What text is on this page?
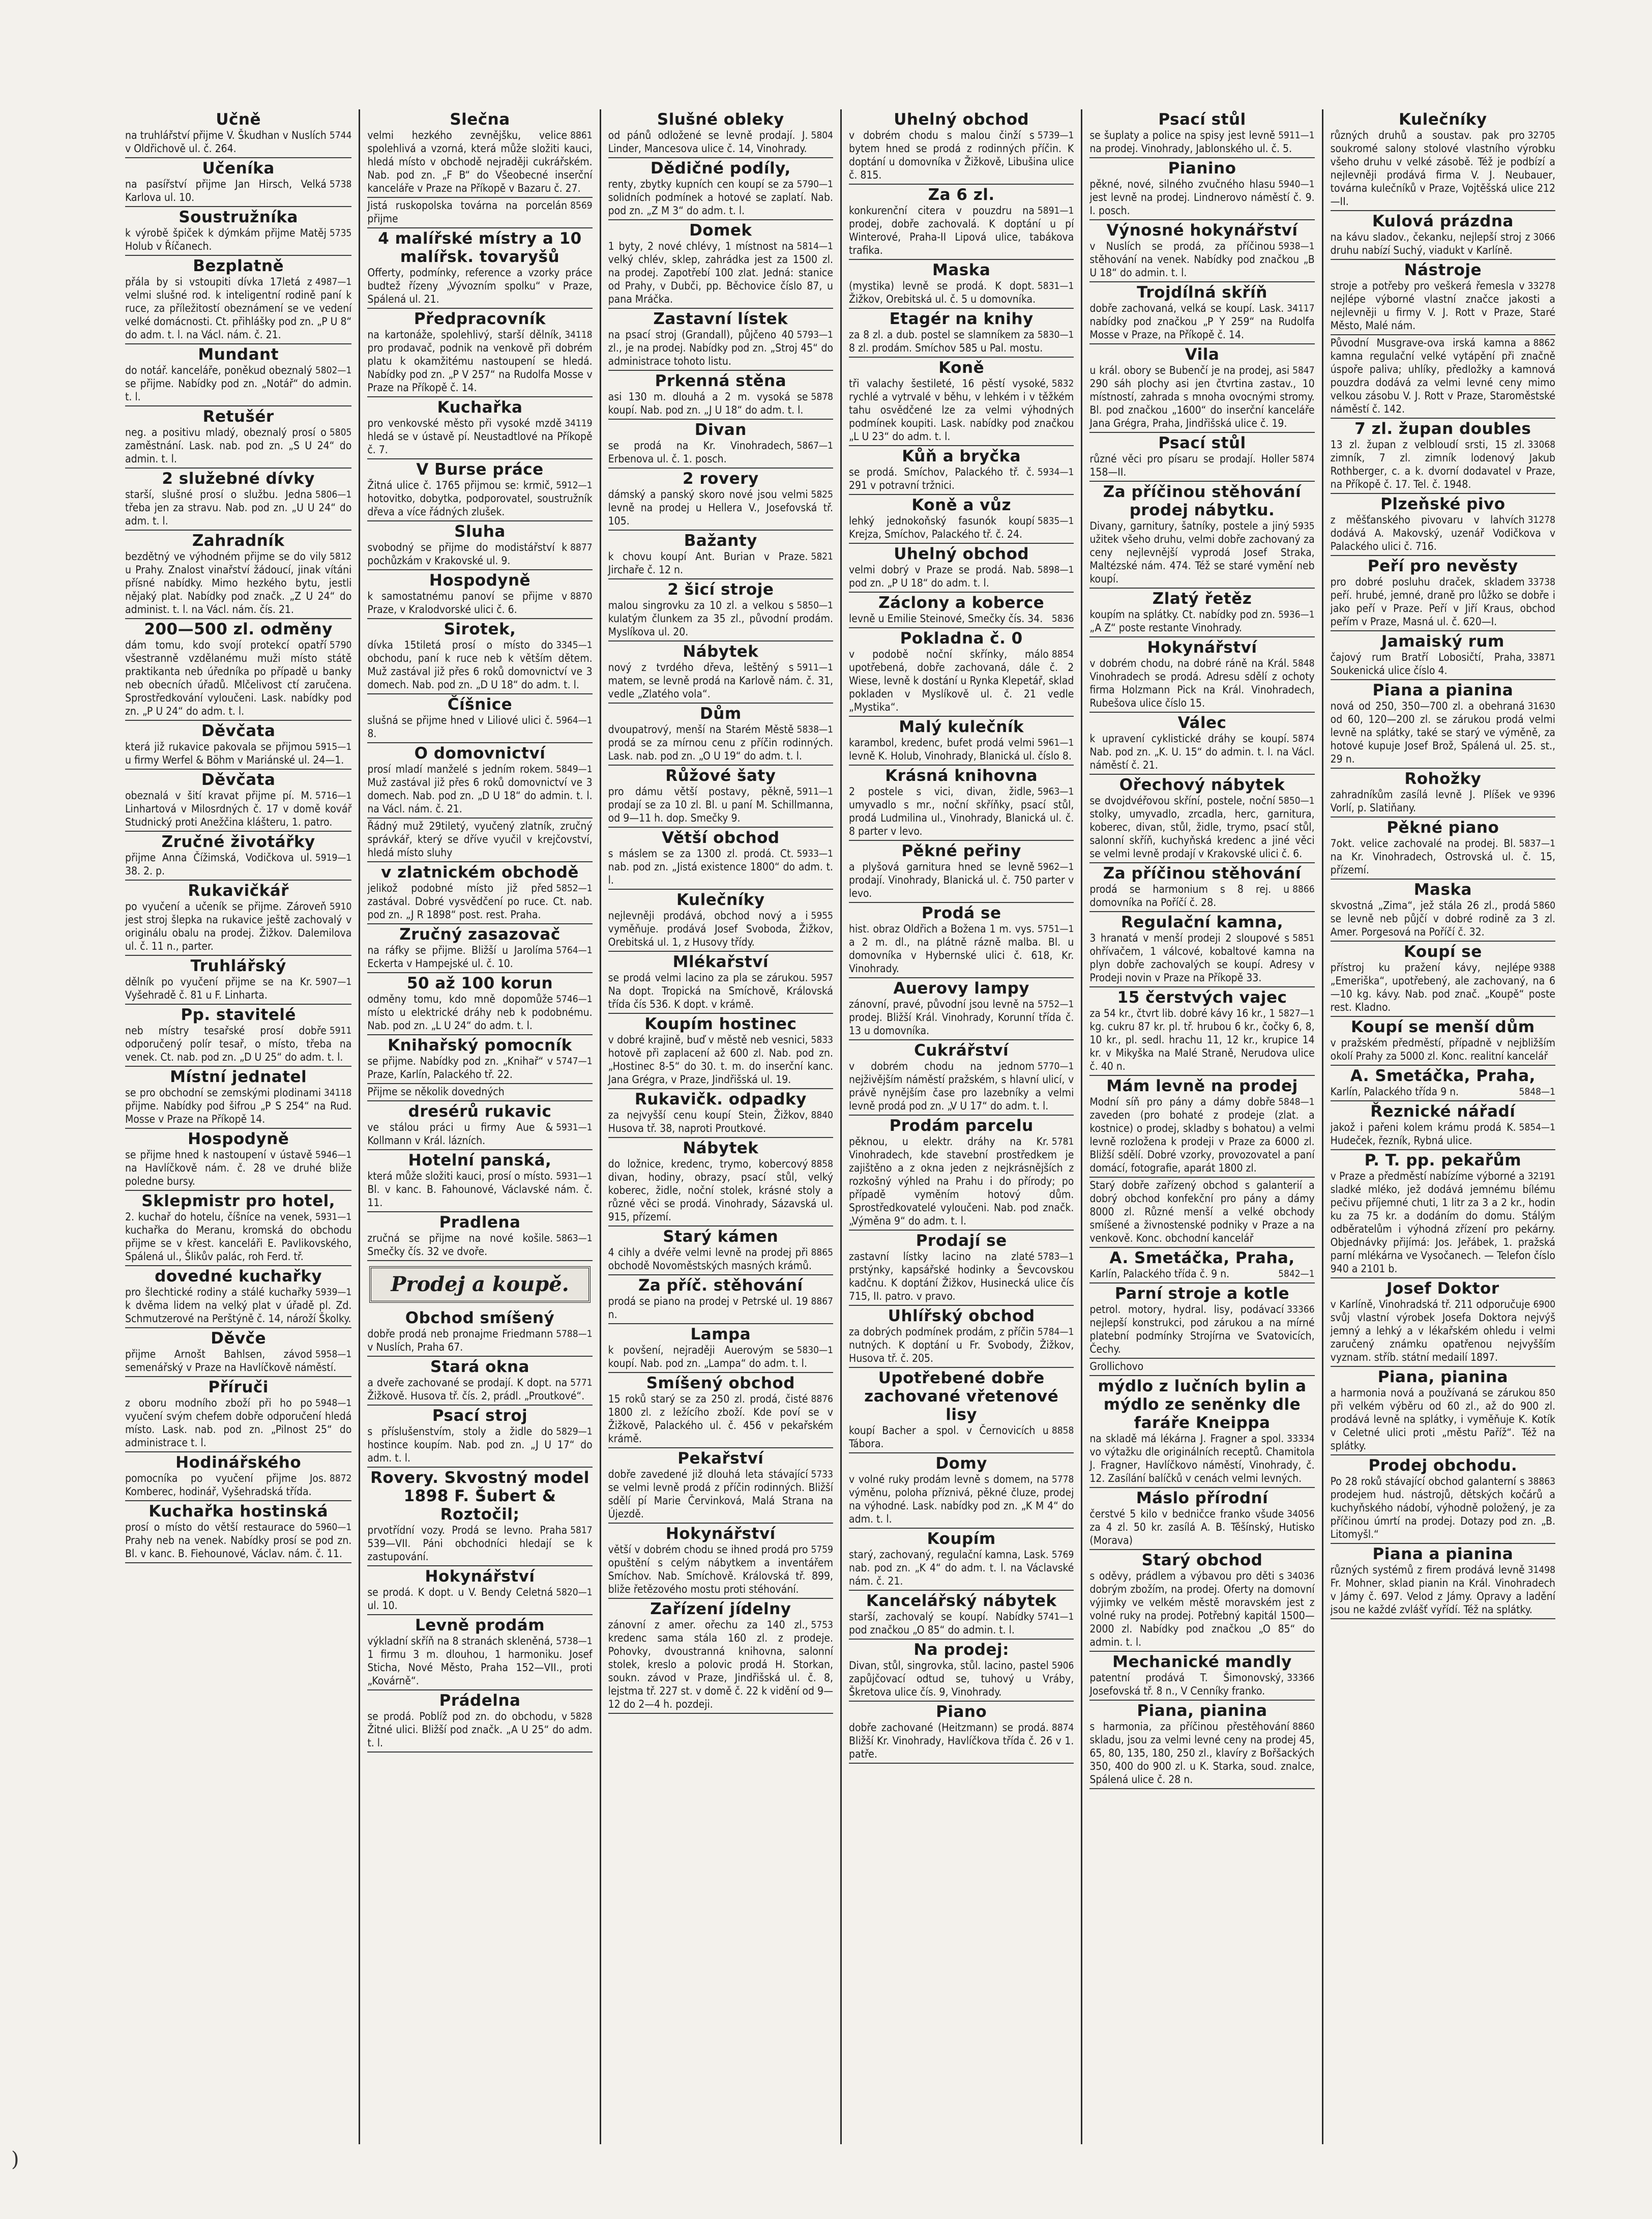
Učně

5744
na truhlářství přijme V. Škudhan v Nuslích v Oldřichově ul. č. 264.

Učeníka

5738
na pasířství přijme Jan Hirsch, Velká Karlova ul. 10.

Soustružníka

5735
k výrobě špiček k dýmkám přijme Matěj Holub v Říčanech.

Bezplatně

4987—1
přála by si vstoupiti dívka 17letá z velmi slušné rod. k inteligentní rodině paní k ruce, za příležitostí obeznámení se ve vedení velké domácnosti. Ct. přihlášky pod zn. „P U 8“ do adm. t. l. na Václ. nám. č. 21.

Mundant

5802—1
do notář. kanceláře, poněkud obeznalý se přijme. Nabídky pod zn. „Notář“ do admin. t. l.

Retušér

5805
neg. a positivu mladý, obeznalý prosí o zaměstnání. Lask. nab. pod zn. „S U 24“ do admin. t. l.

2 služebné dívky

5806—1
starší, slušné prosí o službu. Jedna třeba jen za stravu. Nab. pod zn. „U U 24“ do adm. t. l.

Zahradník

5812
bezdětný ve výhodném přijme se do vily u Prahy. Znalost vinařství žádoucí, jinak vítáni přísné nabídky. Mimo hezkého bytu, jestli nějaký plat. Nabídky pod značk. „Z U 24“ do administ. t. l. na Václ. nám. čís. 21.

200—500 zl. odměny

5790
dám tomu, kdo svojí protekcí opatří všestranně vzdělanému muži místo státě praktikanta neb úředníka po případě u banky neb obecních úřadů. Mlčelivost ctí zaručena. Sprostředkování vyloučeni. Lask. nabídky pod zn. „P U 24“ do adm. t. l.

Děvčata

5915—1
která již rukavice pakovala se přijmou u firmy Werfel & Böhm v Mariánské ul. 24—1.

Děvčata

5716—1
obeznalá v šití kravat přijme pí. M. Linhartová v Milosrdných č. 17 v domě kovář Studnický proti Anežčina klášteru, 1. patro.

Zručné životářky

5919—1
přijme Anna Čížimská, Vodičkova ul. 38. 2. p.

Rukavičkář

5910
po vyučení a učeník se přijme. Zároveň jest stroj šlepka na rukavice ještě zachovalý v originálu obalu na prodej. Žižkov. Dalemilova ul. č. 11 n., parter.

Truhlářský

5907—1
dělník po vyučení přijme se na Kr. Vyšehradě č. 81 u F. Linharta.

Pp. stavitelé

5911
neb místry tesařské prosí dobře odporučený polír tesař, o místo, třeba na venek. Ct. nab. pod zn. „D U 25“ do adm. t. l.

Místní jednatel

34118
se pro obchodní se zemskými plodinami přijme. Nabídky pod šifrou „P S 254“ na Rud. Mosse v Praze na Příkopě 14.

Hospodyně

5946—1
se přijme hned k nastoupení v ústavě na Havlíčkově nám. č. 28 ve druhé bliže poledne bursy.

Sklepmistr pro hotel,

5931—1
2. kuchař do hotelu, číšníce na venek, kuchařka do Meranu, kromská do obchodu přijme se v křest. kanceláři E. Pavlikovského, Spálená ul., Šlikův palác, roh Ferd. tř.

dovedné kuchařky

5939—1
pro šlechtické rodiny a stálé kuchařky k dvěma lidem na velký plat v úřadě pl. Zd. Schmutzerové na Perštýně č. 14, nároží Školky.

Děvče

5958—1
přijme Arnošt Bahlsen, závod semenářský v Praze na Havlíčkově náměstí.

Příruči

5948—1
z oboru modního zboží při ho po vyučení svým chefem dobře odporučení hledá místo. Lask. nab. pod zn. „Pilnost 25“ do administrace t. l.

Hodinářského

8872
pomocníka po vyučení přijme Jos. Komberec, hodinář, Vyšehradská třída.

Kuchařka hostinská

5960—1
prosí o místo do větší restaurace do Prahy neb na venek. Nabídky prosí se pod zn. Bl. v kanc. B. Fiehounové, Václav. nám. č. 11.

Slečna

8861
velmi hezkého zevnějšku, velice spolehlivá a vzorná, která může složiti kauci, hledá místo v obchodě nejraději cukrářském. Nab. pod zn. „F B“ do Všeobecné inserční kanceláře v Praze na Příkopě v Bazaru č. 27.

8569
Jistá ruskopolska továrna na porcelán přijme

4 malířské místry a 10 malířsk. tovaryšů

Offerty, podmínky, reference a vzorky práce budtež řízeny „Vývozním spolku“ v Praze, Spálená ul. 21.

Předpracovník

34118
na kartonáže, spolehlivý, starší dělník, pro prodavač, podnik na venkově při dobrém platu k okamžitému nastoupení se hledá. Nabídky pod zn. „P V 257“ na Rudolfa Mosse v Praze na Příkopě č. 14.

Kuchařka

34119
pro venkovské město při vysoké mzdě hledá se v ústavě pí. Neustadtlové na Příkopě č. 7.

V Burse práce

5912—1
Žitná ulice č. 1765 přijmou se: krmič, hotovitko, dobytka, podporovatel, soustružník dřeva a více řádných zlušek.

Sluha

8877
svobodný se přijme do modistářství k pochůzkám v Krakovské ul. 9.

Hospodyně

8870
k samostatnému panoví se přijme v Praze, v Kralodvorské ulici č. 6.

Sirotek,

3345—1
dívka 15tiletá prosí o místo do obchodu, paní k ruce neb k větším dětem. Muž zastával již přes 6 roků domovnictví ve 3 domech. Nab. pod zn. „D U 18“ do adm. t. l.

Číšnice

5964—1
slušná se přijme hned v Liliové ulici č. 8.

O domovnictví

5849—1
prosí mladí manželé s jedním rokem. Muž zastával již přes 6 roků domovnictví ve 3 domech. Nab. pod zn. „D U 18“ do admin. t. l. na Václ. nám. č. 21.

Řádný muž 29tiletý, vyučený zlatník, zručný správkář, který se dříve vyučil v krejčovství, hledá místo sluhy

v zlatnickém obchodě

5852—1
jelikož podobné místo již před zastával. Dobré vysvědčení po ruce. Ct. nab. pod zn. „J R 1898“ post. rest. Praha.

Zručný zasazovač

5764—1
na ráfky se přijme. Bližší u Jarolíma Eckerta v Hampejské ul. č. 10.

50 až 100 korun

5746—1
odměny tomu, kdo mně dopomůže místo u elektrické dráhy neb k podobnému. Nab. pod zn. „L U 24“ do adm. t. l.

Knihařský pomocník

5747—1
se přijme. Nabídky pod zn. „Knihař“ v Praze, Karlín, Palackého tř. 22.

Přijme se několik dovedných

dresérů rukavic

5931—1
ve stálou práci u firmy Aue & Kollmann v Král. lázních.

Hotelní panská,

5931—1
která může složiti kauci, prosí o místo. Bl. v kanc. B. Fahounové, Václavské nám. č. 11.

Pradlena

5863—1
zručná se přijme na nové košile. Smečky čís. 32 ve dvoře.

Prodej a koupě.
Obchod smíšený

5788—1
dobře prodá neb pronajme Friedmann v Nuslích, Praha 67.

Stará okna

5771
a dveře zachované se prodají. K dopt. na Žižkově. Husova tř. čís. 2, prádl. „Proutkové“.

Psací stroj

5829—1
s příslušenstvím, stoly a židle do hostince koupím. Nab. pod zn. „J U 17“ do adm. t. l.

Rovery. Skvostný model 1898 F. Šubert & Roztočil;

5817
prvotřídní vozy. Prodá se levno. Praha 539—VII. Páni obchodníci hledají se k zastupování.

Hokynářství

5820—1
se prodá. K dopt. u V. Bendy Celetná ul. 10.

Levně prodám

5738—1
výkladní skříň na 8 stranách skleněná, 1 firmu 3 m. dlouhou, 1 harmoniku. Josef Sticha, Nové Město, Praha 152—VII., proti „Kovárně“.

Prádelna

5828
se prodá. Poblíž pod zn. do obchodu, v Žitné ulici. Bližší pod značk. „A U 25“ do adm. t. l.

Slušné obleky

5804
od pánů odložené se levně prodají. J. Linder, Mancesova ulice č. 14, Vinohrady.

Dědičné podíly,

5790—1
renty, zbytky kupních cen koupí se za solidních podmínek a hotové se zaplatí. Nab. pod zn. „Z M 3“ do adm. t. l.

Domek

5814—1
1 byty, 2 nové chlévy, 1 místnost na velký chlév, sklep, zahrádka jest za 1500 zl. na prodej. Zapotřebí 100 zlat. Jedná: stanice od Prahy, v Dubči, pp. Běchovice číslo 87, u pana Mráčka.

Zastavní lístek

5793—1
na psací stroj (Grandall), půjčeno 40 zl., je na prodej. Nabídky pod zn. „Stroj 45“ do administrace tohoto listu.

Prkenná stěna

5878
asi 130 m. dlouhá a 2 m. vysoká se koupí. Nab. pod zn. „J U 18“ do adm. t. l.

Divan

5867—1
se prodá na Kr. Vinohradech, Erbenova ul. č. 1. posch.

2 rovery

5825
dámský a panský skoro nové jsou velmi levně na prodej u Hellera V., Josefovská tř. 105.

Bažanty

5821
k chovu koupí Ant. Burian v Praze. Jirchaře č. 12 n.

2 šicí stroje

5850—1
malou singrovku za 10 zl. a velkou s kulatým člunkem za 35 zl., původní prodám. Myslíkova ul. 20.

Nábytek

5911—1
nový z tvrdého dřeva, leštěný s matem, se levně prodá na Karlově nám. č. 31, vedle „Zlatého vola“.

Dům

5838—1
dvoupatrový, menší na Starém Městě prodá se za mírnou cenu z příčin rodinných. Lask. nab. pod zn. „O U 19“ do adm. t. l.

Růžové šaty

5911—1
pro dámu větší postavy, pěkně, prodají se za 10 zl. Bl. u paní M. Schillmanna, od 9—11 h. dop. Smečky 9.

Větší obchod

5933—1
s máslem se za 1300 zl. prodá. Ct. nab. pod zn. „Jistá existence 1800“ do adm. t. l.

Kulečníky

5955
nejlevněji prodává, obchod nový a i vyměňuje. prodává Josef Svoboda, Žižkov, Orebitská ul. 1, z Husovy třídy.

Mlékařství

5957
se prodá velmi lacino za pla se zárukou. Na dopt. Tropická na Smíchově, Královská třída čís 536. K dopt. v krámě.

Koupím hostinec

5833
v dobré krajině, buď v městě neb vesnici, hotově při zaplacení až 600 zl. Nab. pod zn. „Hostinec 8-5“ do 30. t. m. do inserční kanc. Jana Grégra, v Praze, Jindřišská ul. 19.

Rukavičk. odpadky

8840
za nejvyšší cenu koupí Stein, Žižkov, Husova tř. 38, naproti Proutkové.

Nábytek

8858
do ložnice, kredenc, trymo, kobercový divan, hodiny, obrazy, psací stůl, velký koberec, židle, noční stolek, krásné stoly a různé věci se prodá. Vinohrady, Sázavská ul. 915, přízemí.

Starý kámen

8865
4 cihly a dvéře velmi levně na prodej při obchodě Novoměstských masných krámů.

Za příč. stěhování

8867
prodá se piano na prodej v Petrské ul. 19 n.

Lampa

5830—1
k povšení, nejraději Auerovým se koupí. Nab. pod zn. „Lampa“ do adm. t. l.

Smíšený obchod

8876
15 roků starý se za 250 zl. prodá, čisté 1800 zl. z ležícího zboží. Kde poví se v Žižkově, Palackého ul. č. 456 v pekařském krámě.

Pekařství

5733
dobře zavedené již dlouhá leta stávající se velmi levně prodá z příčin rodinných. Bližší sdělí pí Marie Červinková, Malá Strana na Újezdě.

Hokynářství

5759
větší v dobrém chodu se ihned prodá pro opuštění s celým nábytkem a inventářem Smíchov. Nab. Smíchově. Královská tř. 899, bliže řetězového mostu proti stéhování.

Zařízení jídelny

5753
zánovní z amer. ořechu za 140 zl., kredenc sama stála 160 zl. z prodeje. Pohovky, dvoustranná knihovna, salonní stolek, kreslo a polovic prodá H. Storkan, soukn. závod v Praze, Jindřišská ul. č. 8, lejstma tř. 227 st. v domě č. 22 k vidění od 9—12 do 2—4 h. pozdeji.

Uhelný obchod

5739—1
v dobrém chodu s malou činží s bytem hned se prodá z rodinných příčin. K doptání u domovníka v Žižkově, Libušina ulice č. 815.

Za 6 zl.

5891—1
konkurenční citera v pouzdru na prodej, dobře zachovalá. K doptání u pí Winterové, Praha-II Lipová ulice, tabákova trafika.

Maska

5831—1
(mystika) levně se prodá. K dopt. Žižkov, Orebitská ul. č. 5 u domovníka.

Etagér na knihy

5830—1
za 8 zl. a dub. postel se slamníkem za 8 zl. prodám. Smíchov 585 u Pal. mostu.

Koně

5832
tři valachy šestileté, 16 pěstí vysoké, rychlé a vytrvalé v běhu, v lehkém i v těžkém tahu osvědčené lze za velmi výhodných podmínek koupiti. Lask. nabídky pod značkou „L U 23“ do adm. t. l.

Kůň a bryčka

5934—1
se prodá. Smíchov, Palackého tř. č. 291 v potravní tržnici.

Koně a vůz

5835—1
lehký jednokoňský fasunók koupí Krejza, Smíchov, Palackého tř. č. 24.

Uhelný obchod

5898—1
velmi dobrý v Praze se prodá. Nab. pod zn. „P U 18“ do adm. t. l.

Záclony a koberce

5836
levně u Emilie Steinové, Smečky čís. 34.

Pokladna č. 0

8854
v podobě noční skřínky, málo upotřebená, dobře zachovaná, dále č. 2 Wiese, levně k dostání u Rynka Klepetář, sklad pokladen v Myslíkově ul. č. 21 vedle „Mystika“.

Malý kulečník

5961—1
karambol, kredenc, bufet prodá velmi levně K. Holub, Vinohrady, Blanická ul. číslo 8.

Krásná knihovna

5963—1
2 postele s vici, divan, židle, umyvadlo s mr., noční skříňky, psací stůl, prodá Ludmilina ul., Vinohrady, Blanická ul. č. 8 parter v levo.

Pěkné peřiny

5962—1
a plyšová garnitura hned se levně prodají. Vinohrady, Blanická ul. č. 750 parter v levo.

Prodá se

5751—1
hist. obraz Oldřich a Božena 1 m. vys. a 2 m. dl., na plátně rázně malba. Bl. u domovníka v Hybernské ulici č. 618, Kr. Vinohrady.

Auerovy lampy

5752—1
zánovní, pravé, původní jsou levně na prodej. Bližší Král. Vinohrady, Korunní třída č. 13 u domovníka.

Cukrářství

5770—1
v dobrém chodu na jednom nejživějším náměstí pražském, s hlavní ulicí, v právě nynějším čase pro lazebníky a velmi levně prodá pod zn. „V U 17“ do adm. t. l.

Prodám parcelu

5781
pěknou, u elektr. dráhy na Kr. Vinohradech, kde stavební prostředkem je zajištěno a z okna jeden z nejkrásnějších z rozkošný výhled na Prahu i do přírody; po případě vyměním hotový dům. Sprostředkovatelé vyloučeni. Nab. pod značk. „Výměna 9“ do adm. t. l.

Prodají se

5783—1
zastavní lístky lacino na zlaté prstýnky, kapsářské hodinky a Ševcovskou kadčnu. K doptání Žižkov, Husinecká ulice čís 715, II. patro. v pravo.

Uhlířský obchod

5784—1
za dobrých podmínek prodám, z příčin nutných. K doptání u Fr. Svobody, Žižkov, Husova tř. č. 205.

Upotřebené dobře zachované vřetenové lisy

8858
koupí Bacher a spol. v Černovicích u Tábora.

Domy

5778
v volné ruky prodám levně s domem, na výměnu, poloha příznivá, pěkné čluze, prodej na výhodné. Lask. nabídky pod zn. „K M 4“ do adm. t. l.

Koupím

5769
starý, zachovaný, regulační kamna, Lask. nab. pod zn. „K 4“ do adm. t. l. na Václavské nám. č. 21.

Kancelářský nábytek

5741—1
starší, zachovalý se koupí. Nabídky pod značkou „O 85“ do admin. t. l.

Na prodej:

5906
Divan, stůl, singrovka, stůl. lacino, pastel zapůjčovací odtud se, tuhový u Vráby, Škretova ulice čís. 9, Vinohrady.

Piano

8874
dobře zachované (Heitzmann) se prodá. Bližší Kr. Vinohrady, Havlíčkova třída č. 26 v 1. patře.

Psací stůl

5911—1
se šuplaty a police na spisy jest levně na prodej. Vinohrady, Jablonského ul. č. 5.

Pianino

5940—1
pěkné, nové, silného zvučného hlasu jest levně na prodej. Lindnerovo náměstí č. 9. I. posch.

Výnosné hokynářství

5938—1
v Nuslích se prodá, za příčinou stěhování na venek. Nabídky pod značkou „B U 18“ do admin. t. l.

Trojdílná skříň

34117
dobře zachovaná, velká se koupí. Lask. nabídky pod značkou „P Y 259“ na Rudolfa Mosse v Praze, na Příkopě č. 14.

Vila

5847
u král. obory se Bubenčí je na prodej, asi 290 sáh plochy asi jen čtvrtina zastav., 10 místností, zahrada s mnoha ovocnými stromy. Bl. pod značkou „1600“ do inserční kanceláře Jana Grégra, Praha, Jindřišská ulice č. 19.

Psací stůl

5874
různé věci pro písaru se prodají. Holler 158—II.

Za příčinou stěhování prodej nábytku.

5935
Divany, garnitury, šatníky, postele a jiný užitek všeho druhu, velmi dobře zachovaný za ceny nejlevnější vyprodá Josef Straka, Maltézské nám. 474. Též se staré vymění neb koupí.

Zlatý řetěz

5936—1
koupím na splátky. Ct. nabídky pod zn. „A Z“ poste restante Vinohrady.

Hokynářství

5848
v dobrém chodu, na dobré ráně na Král. Vinohradech se prodá. Adresu sdělí z ochoty firma Holzmann Pick na Král. Vinohradech, Rubešova ulice číslo 15.

Válec

5874
k upravení cyklistické dráhy se koupí. Nab. pod zn. „K. U. 15“ do admin. t. l. na Václ. náměstí č. 21.

Ořechový nábytek

5850—1
se dvojdvéřovou skříní, postele, noční stolky, umyvadlo, zrcadla, herc, garnitura, koberec, divan, stůl, židle, trymo, psací stůl, salonní skříň, kuchyňská kredenc a jiné věci se velmi levně prodají v Krakovské ulici č. 6.

Za příčinou stěhování

8866
prodá se harmonium s 8 rej. u domovníka na Poříčí č. 28.

Regulační kamna,

5851
3 hranatá v menší prodeji 2 sloupové s ohřívačem, 1 válcové, kobaltové kamna na plyn dobře zachovalých se koupí. Adresy v Prodeji novin v Praze na Příkopě 33.

15 čerstvých vajec

5827—1
za 54 kr., čtvrt lib. dobré kávy 16 kr., 1 kg. cukru 87 kr. pl. tř. hrubou 6 kr., čočky 6, 8, 10 kr., pl. sedl. hrachu 11, 12 kr., krupice 14 kr. v Mikyška na Malé Straně, Nerudova ulice č. 40 n.

Mám levně na prodej

5848—1
Modní síň pro pány a dámy dobře zaveden (pro bohaté z prodeje (zlat. a kostnice) o prodej, skladby s bohatou) a velmi levně rozložena k prodeji v Praze za 6000 zl. Bližší sdělí. Dobré vzorky, provozovatel a paní domácí, fotografie, aparát 1800 zl.

Starý dobře zařízený obchod s galanterií a dobrý obchod konfekční pro pány a dámy 8000 zl. Různé menší a velké obchody smíšené a živnostenské podniky v Praze a na venkově. Konc. obchodní kancelář

A. Smetáčka, Praha,

5842—1
Karlín, Palackého třída č. 9 n.

Parní stroje a kotle

33366
petrol. motory, hydral. lisy, podávací nejlepší konstrukci, pod zárukou a na mírné platební podmínky Strojírna ve Svatovicích, Čechy.

Grollichovo

mýdlo z lučních bylin a mýdlo ze seněnky dle faráře Kneippa

33334
na skladě má lékárna J. Fragner a spol. vo výtažku dle originálních receptů. Chamitola J. Fragner, Havlíčkovo náměstí, Vinohrady, č. 12. Zasílání balíčků v cenách velmi levných.

Máslo přírodní

34056
čerstvé 5 kilo v bedničce franko všude za 4 zl. 50 kr. zasílá A. B. Těšínský, Hutisko (Morava)

Starý obchod

34036
s oděvy, prádlem a výbavou pro děti s dobrým zbožím, na prodej. Oferty na domovní výjimky ve velkém městě moravském jest z volné ruky na prodej. Potřebný kapitál 1500—2000 zl. Nabídky pod značkou „O 85“ do admin. t. l.

Mechanické mandly

33366
patentní prodává T. Šimonovský, Josefovská tř. 8 n., V Cenníky franko.

Piana, pianina

8860
s harmonia, za příčinou přestěhování skladu, jsou za velmi levné ceny na prodej 45, 65, 80, 135, 180, 250 zl., klavíry z Bořšackých 350, 400 do 900 zl. u K. Starka, soud. znalce, Spálená ulice č. 28 n.

Kulečníky

32705
různých druhů a soustav. pak pro soukromé salony stolové vlastního výrobku všeho druhu v velké zásobě. Též je podbízí a nejlevněji prodává firma V. J. Neubauer, továrna kulečníků v Praze, Vojtěšská ulice 212—II.

Kulová prázdna

3066
na kávu sladov., čekanku, nejlepší stroj z druhu nabízí Suchý, viadukt v Karlíně.

Nástroje

33278
stroje a potřeby pro veškerá řemesla v nejlépe výborné vlastní značce jakosti a nejlevněji u firmy V. J. Rott v Praze, Staré Město, Malé nám.

8862
Původní Musgrave-ova irská kamna a kamna regulační velké vytápění při značně úspoře paliva; uhlíky, předložky a kamnová pouzdra dodává za velmi levné ceny mimo velkou zásobu V. J. Rott v Praze, Staroměstské náměstí č. 142.

7 zl. župan doubles

33068
13 zl. župan z velbloudí srsti, 15 zl. zimník, 7 zl. zimník lodenový Jakub Rothberger, c. a k. dvorní dodavatel v Praze, na Příkopě č. 17. Tel. č. 1948.

Plzeňské pivo

31278
z měšťanského pivovaru v lahvích dodává A. Makovský, uzenář Vodičkova v Palackého ulici č. 716.

Peří pro nevěsty

33738
pro dobré posluhu draček, skladem peří. hrubé, jemné, draně pro lůžko se dobře i jako peří v Praze. Peří v Jiří Kraus, obchod peřím v Praze, Masná ul. č. 620—I.

Jamaiský rum

33871
čajový rum Bratří Lobosičtí, Praha, Soukenická ulice číslo 4.

Piana a pianina

31630
nová od 250, 350—700 zl. a obehraná od 60, 120—200 zl. se zárukou prodá velmi levně na splátky, také se starý ve výměně, za hotové kupuje Josef Brož, Spálená ul. 25. st., 29 n.

Rohožky

9396
zahradníkům zasílá levně J. Plíšek ve Vorlí, p. Slatiňany.

Pěkné piano

5837—1
7okt. velice zachovalé na prodej. Bl. na Kr. Vinohradech, Ostrovská ul. č. 15, přízemí.

Maska

5860
skvostná „Zima“, jež stála 26 zl., prodá se levně neb půjčí v dobré rodině za 3 zl. Amer. Porgesová na Poříčí č. 32.

Koupí se

9388
přístroj ku pražení kávy, nejlépe „Emeriška“, upotřebený, ale zachovaný, na 6—10 kg. kávy. Nab. pod znač. „Koupě“ poste rest. Kladno.

Koupí se menší dům

v pražském předměstí, případně v nejbližším okolí Prahy za 5000 zl. Konc. realitní kancelář

A. Smetáčka, Praha,

5848—1
Karlín, Palackého třída 9 n.

Řeznické nářadí

5854—1
jakož i pařeni kolem krámu prodá K. Hudeček, řezník, Rybná ulice.

P. T. pp. pekařům

32191
v Praze a předměstí nabízíme výborné a sladké mléko, jež dodává jemnému bílému pečivu příjemné chuti, 1 litr za 3 a 2 kr., hodin ku za 75 kr. a dodáním do domu. Stálým odběratelům i výhodná zřízení pro pekárny. Objednávky přijímá: Jos. Jeřábek, 1. pražská parní mlékárna ve Vysočanech. — Telefon číslo 940 a 2101 b.

Josef Doktor

6900
v Karlíně, Vinohradská tř. 211 odporučuje svůj vlastní výrobek Josefa Doktora nejvýš jemný a lehký a v lékařském ohledu i velmi zaručený známku opatřenou nejvyšším vyznam. stříb. státní medailí 1897.

Piana, pianina

850
a harmonia nová a používaná se zárukou při velkém výběru od 60 zl., až do 900 zl. prodává levně na splátky, i vyměňuje K. Kotík v Celetné ulici proti „městu Paříž“. Též na splátky.

Prodej obchodu.

38863
Po 28 roků stávající obchod galanterní s prodejem hud. nástrojů, dětských kočárů a kuchyňského nádobí, výhodně položený, je za příčinou úmrtí na prodej. Dotazy pod zn. „B. Litomyšl.“

Piana a pianina

31498
různých systémů z firem prodává levně Fr. Mohner, sklad pianin na Král. Vinohradech v Jámy č. 697. Velod z Jámy. Opravy a ladění jsou ne každé zvlášť vyřídí. Též na splátky.

)
